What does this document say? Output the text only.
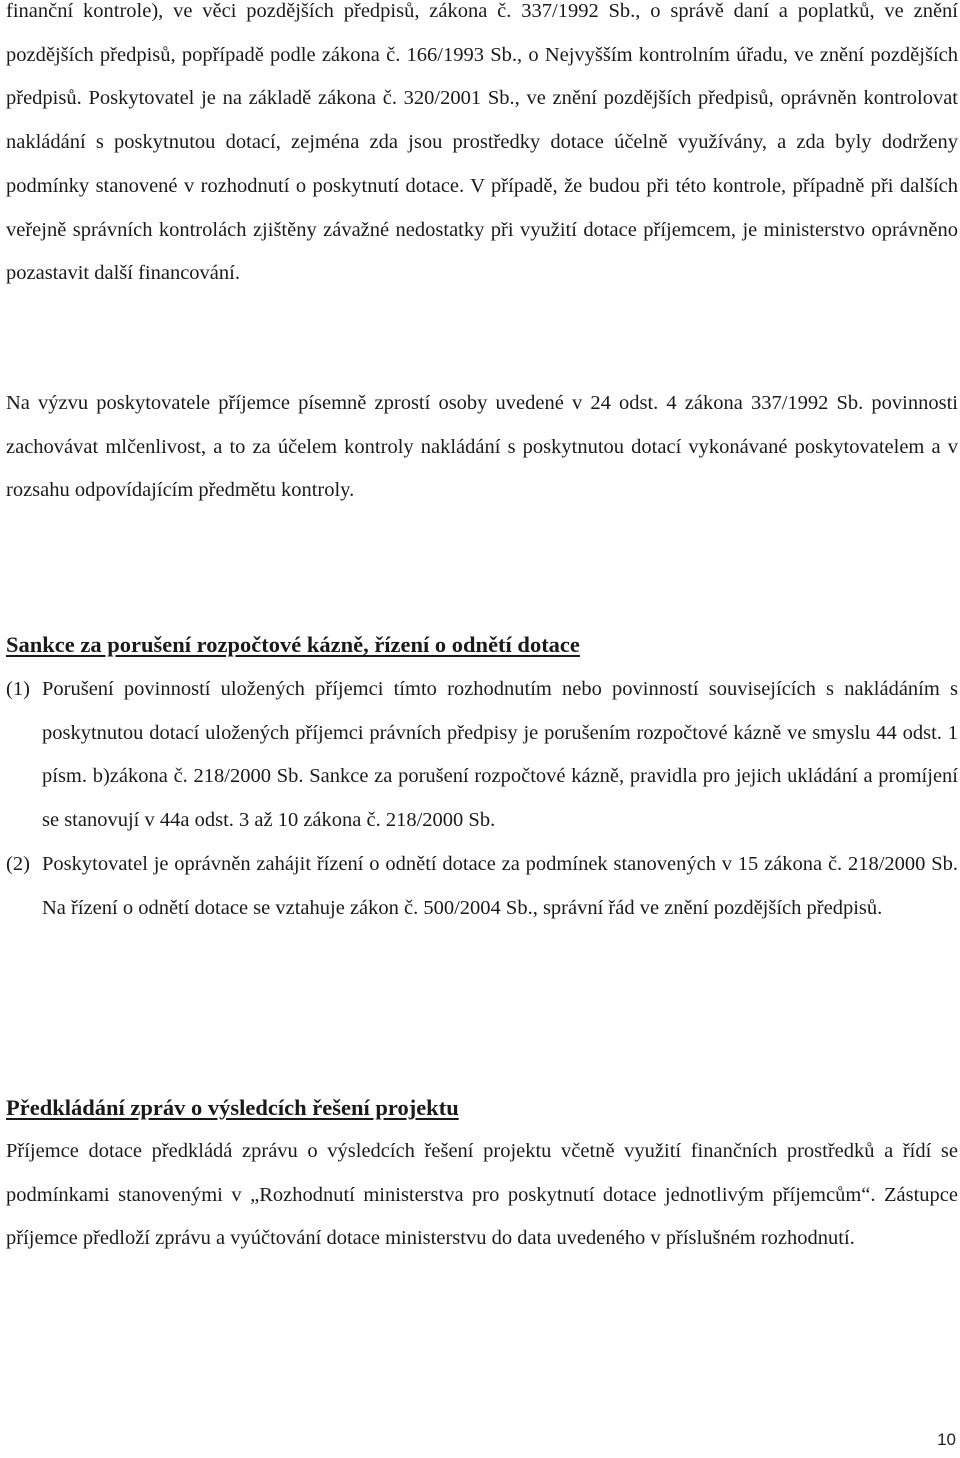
finanční kontrole), ve věci pozdějších předpisů, zákona č. 337/1992 Sb., o správě daní a poplatků, ve znění pozdějších předpisů, popřípadě podle zákona č. 166/1993 Sb., o Nejvyšším kontrolním úřadu, ve znění pozdějších předpisů. Poskytovatel je na základě zákona č. 320/2001 Sb., ve znění pozdějších předpisů, oprávněn kontrolovat nakládání s poskytnutou dotací, zejména zda jsou prostředky dotace účelně využívány, a zda byly dodrženy podmínky stanovené v rozhodnutí o poskytnutí dotace. V případě, že budou při této kontrole, případně při dalších veřejně správních kontrolách zjištěny závažné nedostatky při využití dotace příjemcem, je ministerstvo oprávněno pozastavit další financování.

Na výzvu poskytovatele příjemce písemně zprostí osoby uvedené v 24 odst. 4 zákona 337/1992 Sb. povinnosti zachovávat mlčenlivost, a to za účelem kontroly nakládání s poskytnutou dotací vykonávané poskytovatelem a v rozsahu odpovídajícím předmětu kontroly.

Sankce za porušení rozpočtové kázně, řízení o odnětí dotace
(1) Porušení povinností uložených příjemci tímto rozhodnutím nebo povinností souvisejících s nakládáním s poskytnutou dotací uložených příjemci právních předpisy je porušením rozpočtové kázně ve smyslu 44 odst. 1 písm. b)zákona č. 218/2000 Sb. Sankce za porušení rozpočtové kázně, pravidla pro jejich ukládání a promíjení se stanovují v 44a odst. 3 až 10 zákona č. 218/2000 Sb.

(2) Poskytovatel je oprávněn zahájit řízení o odnětí dotace za podmínek stanovených v 15 zákona č. 218/2000 Sb. Na řízení o odnětí dotace se vztahuje zákon č. 500/2004 Sb., správní řád ve znění pozdějších předpisů.

Předkládání zpráv o výsledcích řešení projektu

Příjemce dotace předkládá zprávu o výsledcích řešení projektu včetně využití finančních prostředků a řídí se podmínkami stanovenými v „Rozhodnutí ministerstva pro poskytnutí dotace jednotlivým příjemcům“. Zástupce příjemce předloží zprávu a vyúčtování dotace ministerstvu do data uvedeného v příslušném rozhodnutí.

10
